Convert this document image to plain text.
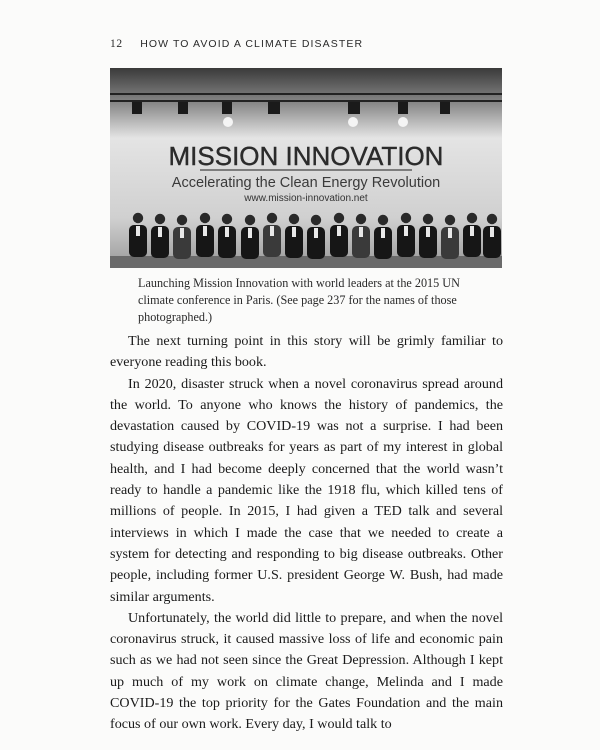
12 HOW TO AVOID A CLIMATE DISASTER
MISSION INNOVATION
Accelerating the Clean Energy Revolution
www.mission-innovation.net
Launching Mission Innovation with world leaders at the 2015 UN climate conference in Paris. (See page 237 for the names of those photographed.)

The next turning point in this story will be grimly familiar to everyone reading this book.

In 2020, disaster struck when a novel coronavirus spread around the world. To anyone who knows the history of pandemics, the devastation caused by COVID-19 was not a surprise. I had been studying disease outbreaks for years as part of my interest in global health, and I had become deeply concerned that the world wasn’t ready to handle a pandemic like the 1918 flu, which killed tens of millions of people. In 2015, I had given a TED talk and several interviews in which I made the case that we needed to create a system for detecting and responding to big disease outbreaks. Other people, including former U.S. president George W. Bush, had made similar arguments.

Unfortunately, the world did little to prepare, and when the novel coronavirus struck, it caused massive loss of life and economic pain such as we had not seen since the Great Depression. Although I kept up much of my work on climate change, Melinda and I made COVID-19 the top priority for the Gates Foundation and the main focus of our own work. Every day, I would talk to
